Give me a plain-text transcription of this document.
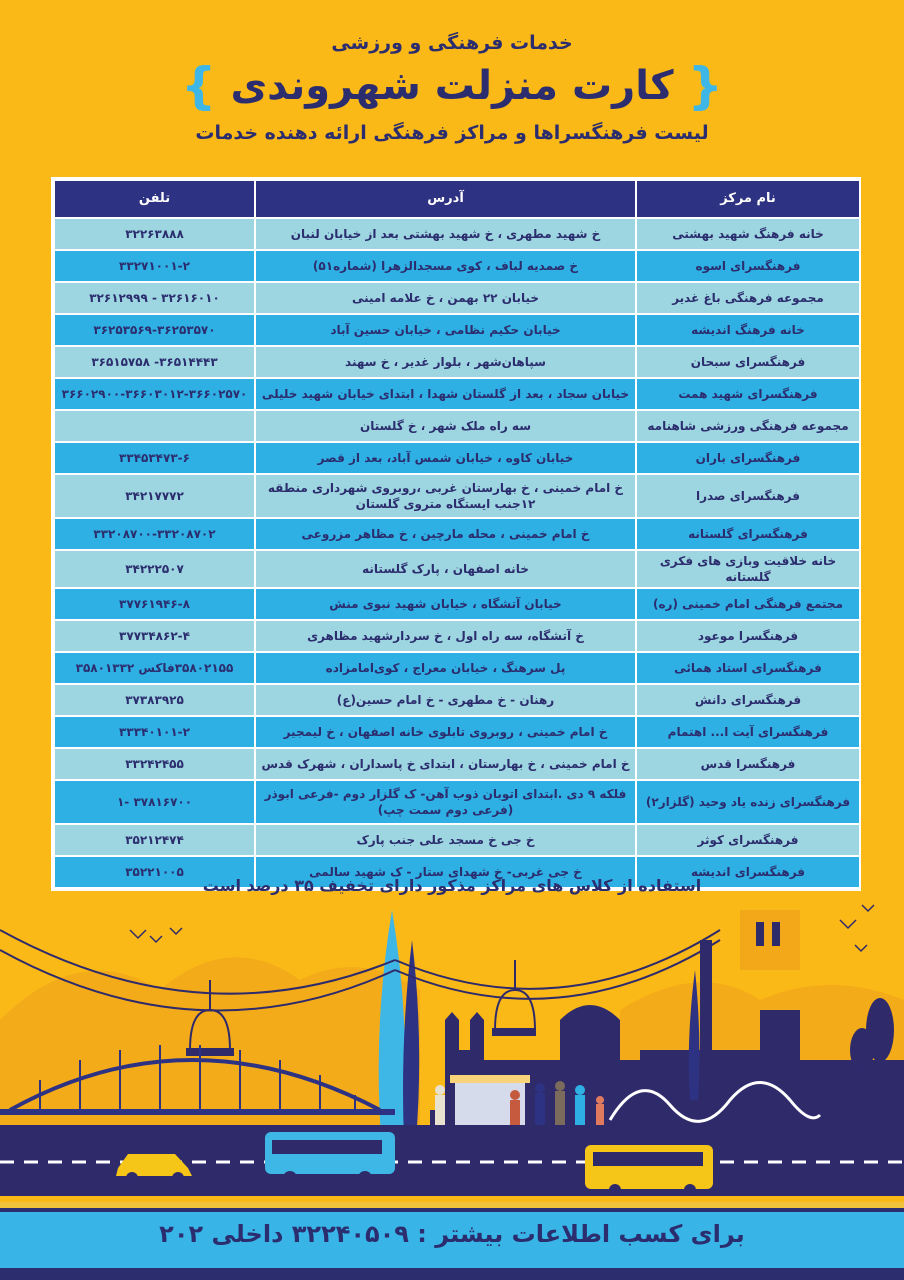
خدمات فرهنگی و ورزشی
{ کارت منزلت شهروندی }
لیست فرهنگسراها و مراکز فرهنگی ارائه دهنده خدمات
نام مرکز	آدرس	تلفن
خانه فرهنگ شهید بهشتی	خ شهید مطهری ، خ شهید بهشتی بعد از خیابان لنبان	۳۲۲۶۳۸۸۸
فرهنگسرای اسوه	خ صمدیه لباف ، کوی مسجدالزهرا (شماره۵۱)	۳۳۲۷۱۰۰۱-۲
مجموعه فرهنگی باغ غدیر	خیابان ۲۲ بهمن ، خ علامه امینی	۳۲۶۱۶۰۱۰ - ۳۲۶۱۲۹۹۹
خانه فرهنگ اندیشه	خیابان حکیم نظامی ، خیابان حسین آباد	۳۶۲۵۳۵۶۹-۳۶۲۵۳۵۷۰
فرهنگسرای سبحان	سپاهان‌شهر ، بلوار غدیر ، خ سهند	۳۶۵۱۴۴۴۳- ۳۶۵۱۵۷۵۸
فرهنگسرای شهید همت	خیابان سجاد ، بعد از گلستان شهدا ، ابتدای خیابان شهید خلیلی	۳۶۶۰۲۹۰۰-۳۶۶۰۳۰۱۲-۳۶۶۰۲۵۷۰
مجموعه فرهنگی ورزشی شاهنامه	سه راه ملک شهر ، خ گلستان	
فرهنگسرای باران	خیابان کاوه ، خیابان شمس آباد، بعد از قصر	۳۳۴۵۳۴۷۳-۶
فرهنگسرای صدرا	خ امام خمینی ، خ بهارستان غربی ،روبروی شهرداری منطقه ۱۲جنب ایستگاه متروی گلستان	۳۴۲۱۷۷۷۲
فرهنگسرای گلستانه	خ امام خمینی ، محله مارچین ، خ مظاهر مزروعی	۳۳۲۰۸۷۰۰-۳۳۲۰۸۷۰۲
خانه خلاقیت وبازی های فکری گلستانه	خانه اصفهان ، پارک گلستانه	۳۴۲۲۲۵۰۷
مجتمع فرهنگی امام خمینی (ره)	خیابان آتشگاه ، خیابان شهید نبوی منش	۳۷۷۶۱۹۴۶-۸
فرهنگسرا موعود	خ آتشگاه، سه راه اول ، خ سردارشهید مظاهری	۳۷۷۳۴۸۶۲-۴
فرهنگسرای استاد همائی	پل سرهنگ ، خیابان معراج ، کوی‌امامزاده	۳۵۸۰۲۱۵۵فاکس ۳۵۸۰۱۳۳۲
فرهنگسرای دانش	رهنان - خ مطهری - خ امام حسین(ع)	۳۷۳۸۳۹۲۵
فرهنگسرای آیت ا... اهتمام	خ امام خمینی ، روبروی تابلوی خانه اصفهان ، خ لیمجیر	۳۳۳۴۰۱۰۱-۲
فرهنگسرا قدس	خ امام خمینی ، خ بهارستان ، ابتدای خ پاسداران ، شهرک قدس	۳۳۲۴۲۴۵۵
فرهنگسرای زنده یاد وحید (گلزار۲)	فلکه ۹ دی .ابتدای اتوبان ذوب آهن- ک گلزار دوم -فرعی ابوذر (فرعی دوم سمت چپ)	۳۷۸۱۶۷۰۰ -۱
فرهنگسرای کوثر	خ جی خ مسجد علی جنب پارک	۳۵۲۱۲۴۷۴
فرهنگسرای اندیشه	خ جی غربی- خ شهدای ستار - ک شهید سالمی	۳۵۲۲۱۰۰۵
استفاده از کلاس های مراکز مذکور دارای تخفیف ۳۵ درصد است
برای کسب اطلاعات بیشتر : ۳۲۲۴۰۵۰۹ داخلی ۲۰۲
